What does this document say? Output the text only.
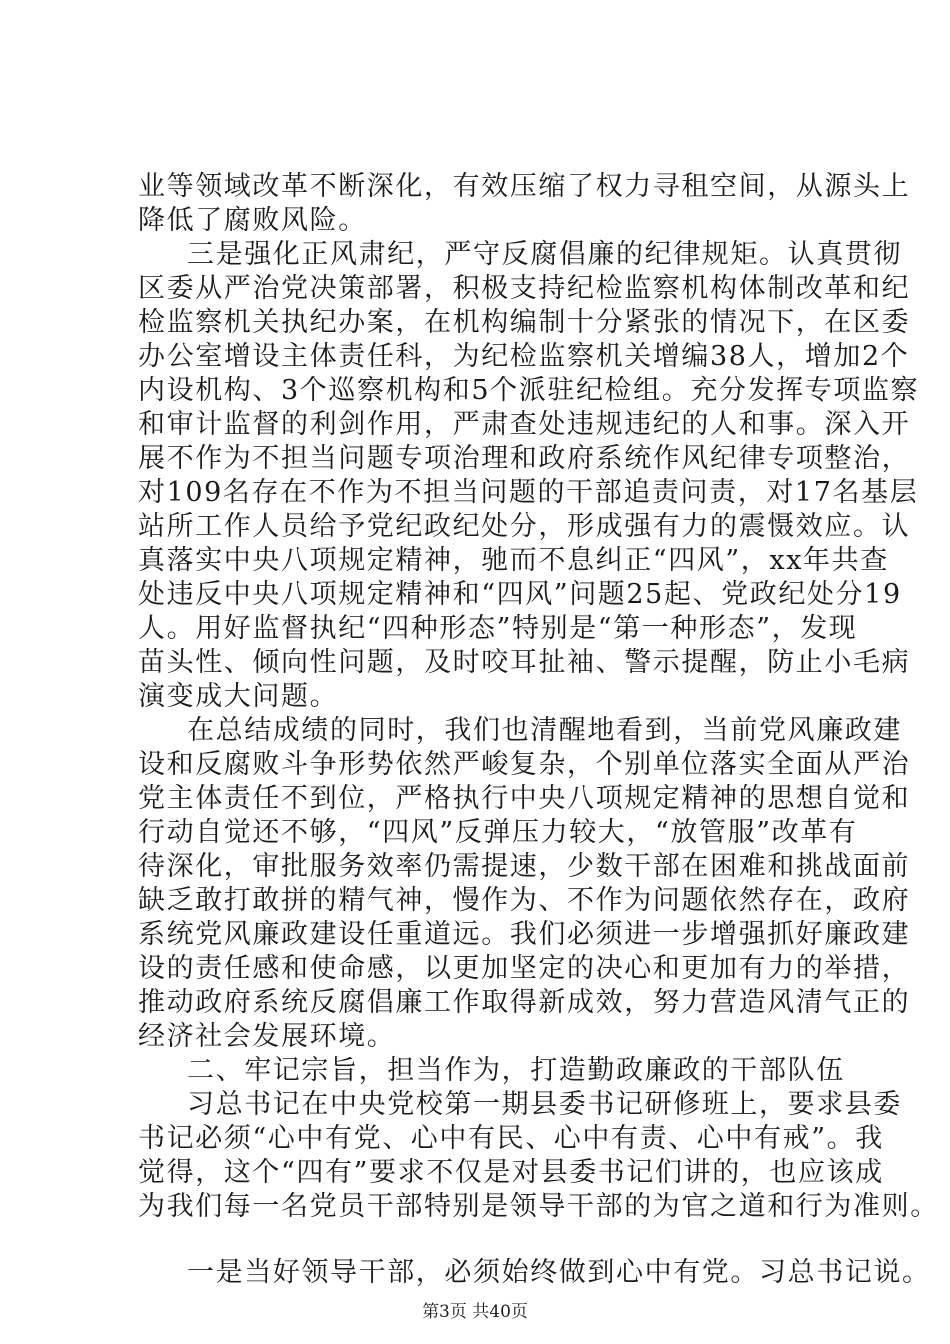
业等领域改革不断深化，有效压缩了权力寻租空间，从源头上
降低了腐败风险。
三是强化正风肃纪，严守反腐倡廉的纪律规矩。认真贯彻
区委从严治党决策部署，积极支持纪检监察机构体制改革和纪
检监察机关执纪办案，在机构编制十分紧张的情况下，在区委
办公室增设主体责任科，为纪检监察机关增编38人，增加2个
内设机构、3个巡察机构和5个派驻纪检组。充分发挥专项监察
和审计监督的利剑作用，严肃查处违规违纪的人和事。深入开
展不作为不担当问题专项治理和政府系统作风纪律专项整治，
对109名存在不作为不担当问题的干部追责问责，对17名基层
站所工作人员给予党纪政纪处分，形成强有力的震慑效应。认
真落实中央八项规定精神，驰而不息纠正“四风”，xx年共查
处违反中央八项规定精神和“四风”问题25起、党政纪处分19
人。用好监督执纪“四种形态”特别是“第一种形态”，发现
苗头性、倾向性问题，及时咬耳扯袖、警示提醒，防止小毛病
演变成大问题。
在总结成绩的同时，我们也清醒地看到，当前党风廉政建
设和反腐败斗争形势依然严峻复杂，个别单位落实全面从严治
党主体责任不到位，严格执行中央八项规定精神的思想自觉和
行动自觉还不够，“四风”反弹压力较大，“放管服”改革有
待深化，审批服务效率仍需提速，少数干部在困难和挑战面前
缺乏敢打敢拼的精气神，慢作为、不作为问题依然存在，政府
系统党风廉政建设任重道远。我们必须进一步增强抓好廉政建
设的责任感和使命感，以更加坚定的决心和更加有力的举措，
推动政府系统反腐倡廉工作取得新成效，努力营造风清气正的
经济社会发展环境。
二、牢记宗旨，担当作为，打造勤政廉政的干部队伍
习总书记在中央党校第一期县委书记研修班上，要求县委
书记必须“心中有党、心中有民、心中有责、心中有戒”。我
觉得，这个“四有”要求不仅是对县委书记们讲的，也应该成
为我们每一名党员干部特别是领导干部的为官之道和行为准则。
第3页 共40页
一是当好领导干部，必须始终做到心中有党。习总书记说。
